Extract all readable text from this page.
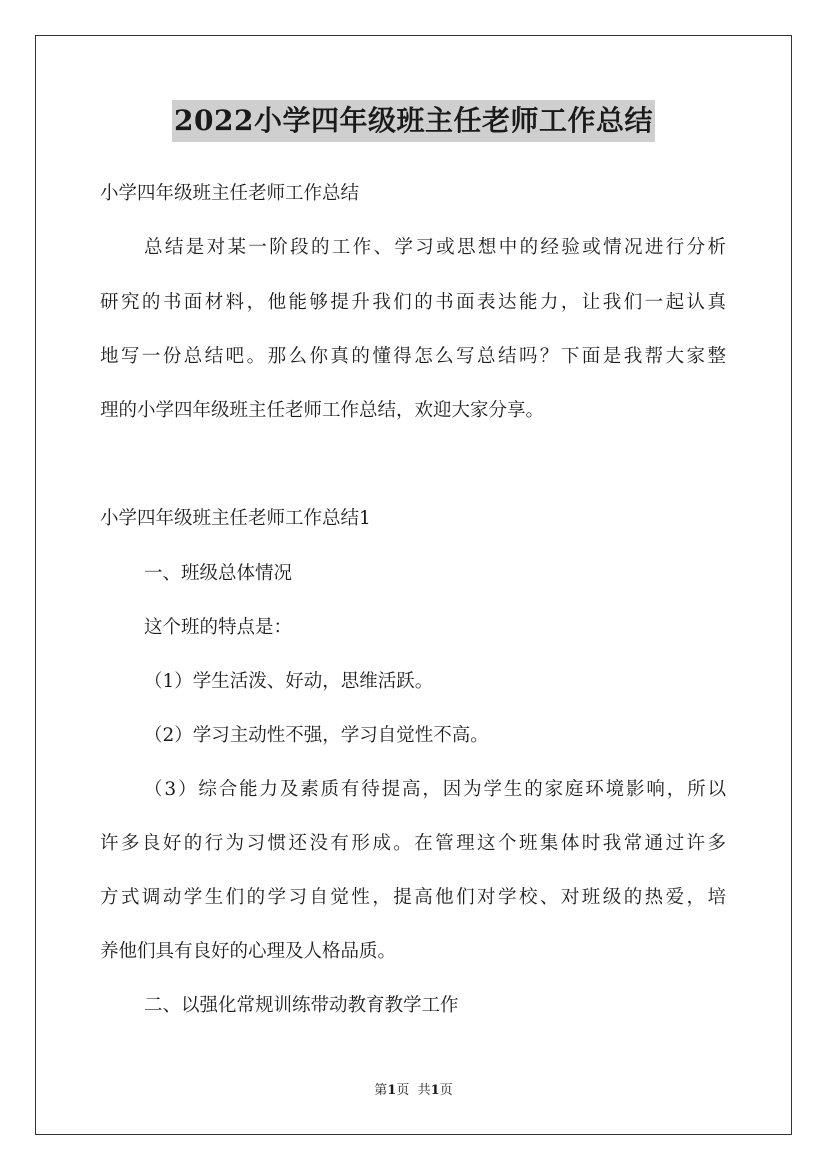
2022小学四年级班主任老师工作总结
小学四年级班主任老师工作总结
总结是对某一阶段的工作、学习或思想中的经验或情况进行分析
研究的书面材料，他能够提升我们的书面表达能力，让我们一起认真
地写一份总结吧。那么你真的懂得怎么写总结吗？下面是我帮大家整
理的小学四年级班主任老师工作总结，欢迎大家分享。
小学四年级班主任老师工作总结1
一、班级总体情况
这个班的特点是：
（1）学生活泼、好动，思维活跃。
（2）学习主动性不强，学习自觉性不高。
（3）综合能力及素质有待提高，因为学生的家庭环境影响，所以
许多良好的行为习惯还没有形成。在管理这个班集体时我常通过许多
方式调动学生们的学习自觉性，提高他们对学校、对班级的热爱，培
养他们具有良好的心理及人格品质。
二、以强化常规训练带动教育教学工作
第1页 共1页
